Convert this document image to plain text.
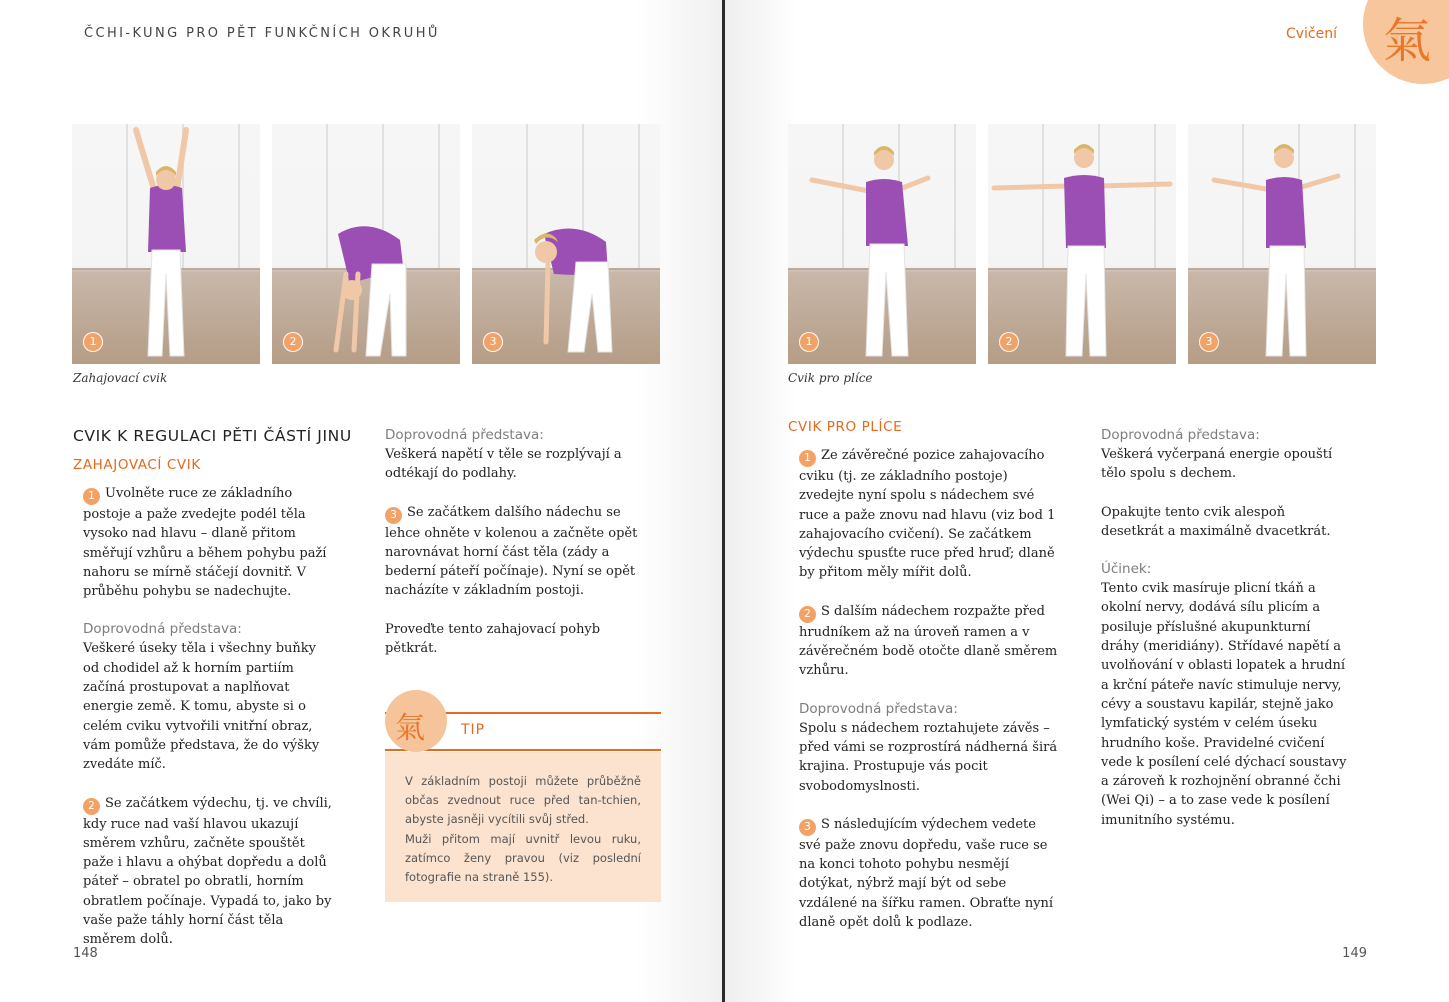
ČCHI-KUNG PRO PĚT FUNKČNÍCH OKRUHŮ
1	2	3
Zahajovací cvik
CVIK K REGULACI PĚTI ČÁSTÍ JINU
ZAHAJOVACÍ CVIK

1 Uvolněte ruce ze základního postoje a paže zvedejte podél těla vysoko nad hlavu – dlaně přitom směřují vzhůru a během pohybu paží nahoru se mírně stáčejí dovnitř. V průběhu pohybu se nadechujte.

Doprovodná představa:

Veškeré úseky těla i všechny buňky od chodidel až k horním partiím začíná prostupovat a naplňovat energie země. K tomu, abyste si o celém cviku vytvořili vnitřní obraz, vám pomůže představa, že do výšky zvedáte míč.

2 Se začátkem výdechu, tj. ve chvíli, kdy ruce nad vaší hlavou ukazují směrem vzhůru, začněte spouštět paže i hlavu a ohýbat dopředu a dolů páteř – obratel po obratli, horním obratlem počínaje. Vypadá to, jako by vaše paže táhly horní část těla směrem dolů.

Doprovodná představa:

Veškerá napětí v těle se rozplývají a odtékají do podlahy.

3 Se začátkem dalšího nádechu se lehce ohněte v kolenou a začněte opět narovnávat horní část těla (zády a bederní páteří počínaje). Nyní se opět nacházíte v základním postoji.

Proveďte tento zahajovací pohyb pětkrát.

氣	TIP

V základním postoji můžete průběžně občas zvednout ruce před tan-tchien, abyste jasněji vycítili svůj střed.

Muži přitom mají uvnitř levou ruku, zatímco ženy pravou (viz poslední fotografie na straně 155).

148
氣
Cvičení
1	2	3
Cvik pro plíce
CVIK PRO PLÍCE

1 Ze závěrečné pozice zahajovacího cviku (tj. ze základního postoje) zvedejte nyní spolu s nádechem své ruce a paže znovu nad hlavu (viz bod 1 zahajovacího cvičení). Se začátkem výdechu spusťte ruce před hruď; dlaně by přitom měly mířit dolů.

2 S dalším nádechem rozpažte před hrudníkem až na úroveň ramen a v závěrečném bodě otočte dlaně směrem vzhůru.

Doprovodná představa:

Spolu s nádechem roztahujete závěs – před vámi se rozprostírá nádherná širá krajina. Prostupuje vás pocit svobodomyslnosti.

3 S následujícím výdechem vedete své paže znovu dopředu, vaše ruce se na konci tohoto pohybu nesmějí dotýkat, nýbrž mají být od sebe vzdálené na šířku ramen. Obraťte nyní dlaně opět dolů k podlaze.

Doprovodná představa:

Veškerá vyčerpaná energie opouští tělo spolu s dechem.

Opakujte tento cvik alespoň desetkrát a maximálně dvacetkrát.

Účinek:

Tento cvik masíruje plicní tkáň a okolní nervy, dodává sílu plicím a posiluje příslušné akupunkturní dráhy (meridiány). Střídavé napětí a uvolňování v oblasti lopatek a hrudní a krční páteře navíc stimuluje nervy, cévy a soustavu kapilár, stejně jako lymfatický systém v celém úseku hrudního koše. Pravidelné cvičení vede k posílení celé dýchací soustavy a zároveň k rozhojnění obranné čchi (Wei Qi) – a to zase vede k posílení imunitního systému.

149
